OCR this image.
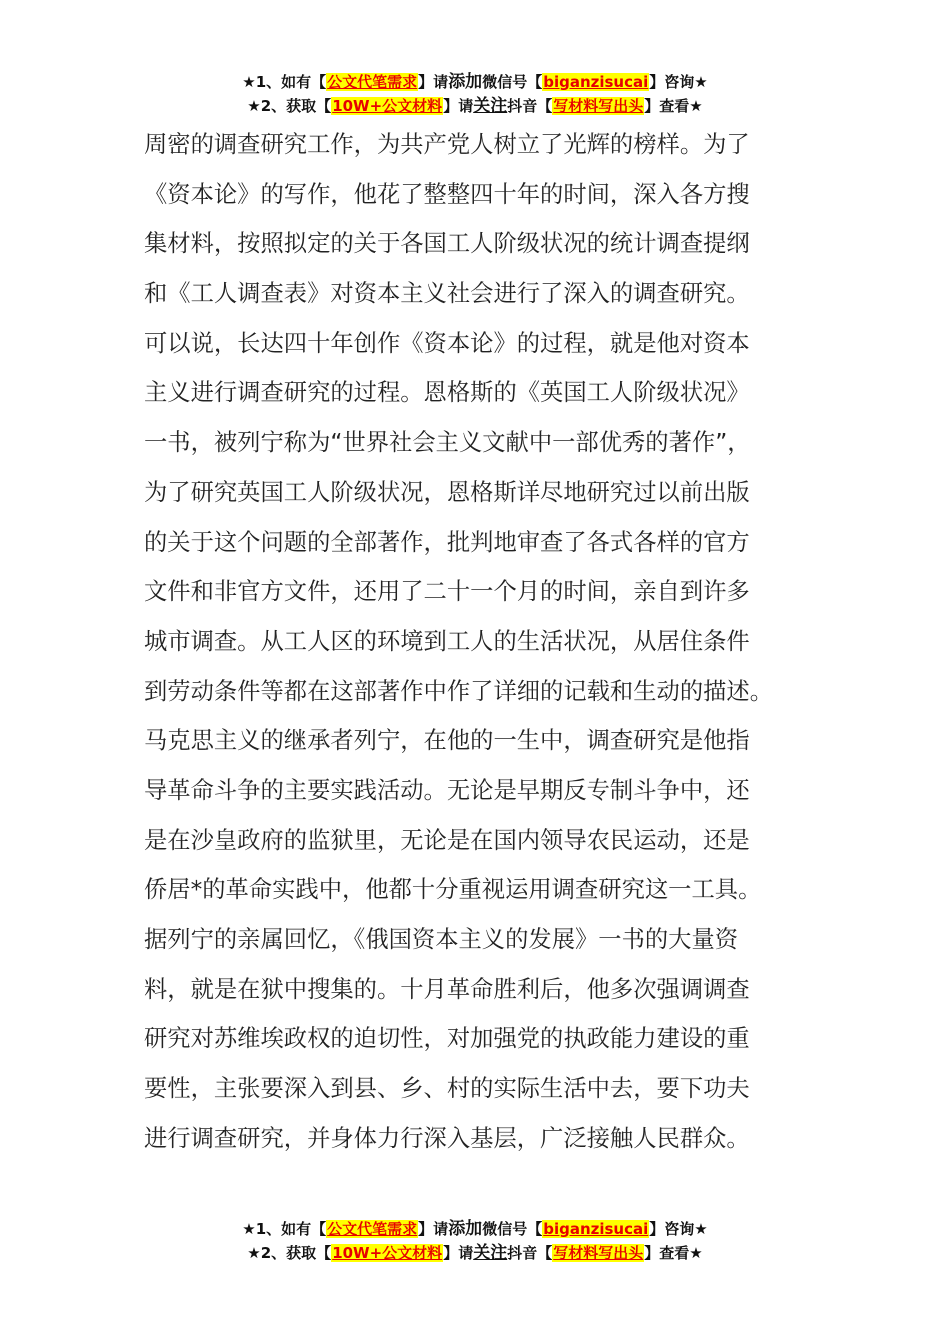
★1、如有【公文代笔需求】请添加微信号【biganzisucai】咨询★
★2、获取【10W+公文材料】请关注抖音【写材料写出头】查看★
周密的调查研究工作，为共产党人树立了光辉的榜样。为了
《资本论》的写作，他花了整整四十年的时间，深入各方搜
集材料，按照拟定的关于各国工人阶级状况的统计调查提纲
和《工人调查表》对资本主义社会进行了深入的调查研究。
可以说，长达四十年创作《资本论》的过程，就是他对资本
主义进行调查研究的过程。恩格斯的《英国工人阶级状况》
一书，被列宁称为“世界社会主义文献中一部优秀的著作”，
为了研究英国工人阶级状况，恩格斯详尽地研究过以前出版
的关于这个问题的全部著作，批判地审查了各式各样的官方
文件和非官方文件，还用了二十一个月的时间，亲自到许多
城市调查。从工人区的环境到工人的生活状况，从居住条件
到劳动条件等都在这部著作中作了详细的记载和生动的描述。
马克思主义的继承者列宁，在他的一生中，调查研究是他指
导革命斗争的主要实践活动。无论是早期反专制斗争中，还
是在沙皇政府的监狱里，无论是在国内领导农民运动，还是
侨居*的革命实践中，他都十分重视运用调查研究这一工具。
据列宁的亲属回忆，《俄国资本主义的发展》一书的大量资
料，就是在狱中搜集的。十月革命胜利后，他多次强调调查
研究对苏维埃政权的迫切性，对加强党的执政能力建设的重
要性，主张要深入到县、乡、村的实际生活中去，要下功夫
进行调查研究，并身体力行深入基层，广泛接触人民群众。
★1、如有【公文代笔需求】请添加微信号【biganzisucai】咨询★
★2、获取【10W+公文材料】请关注抖音【写材料写出头】查看★
